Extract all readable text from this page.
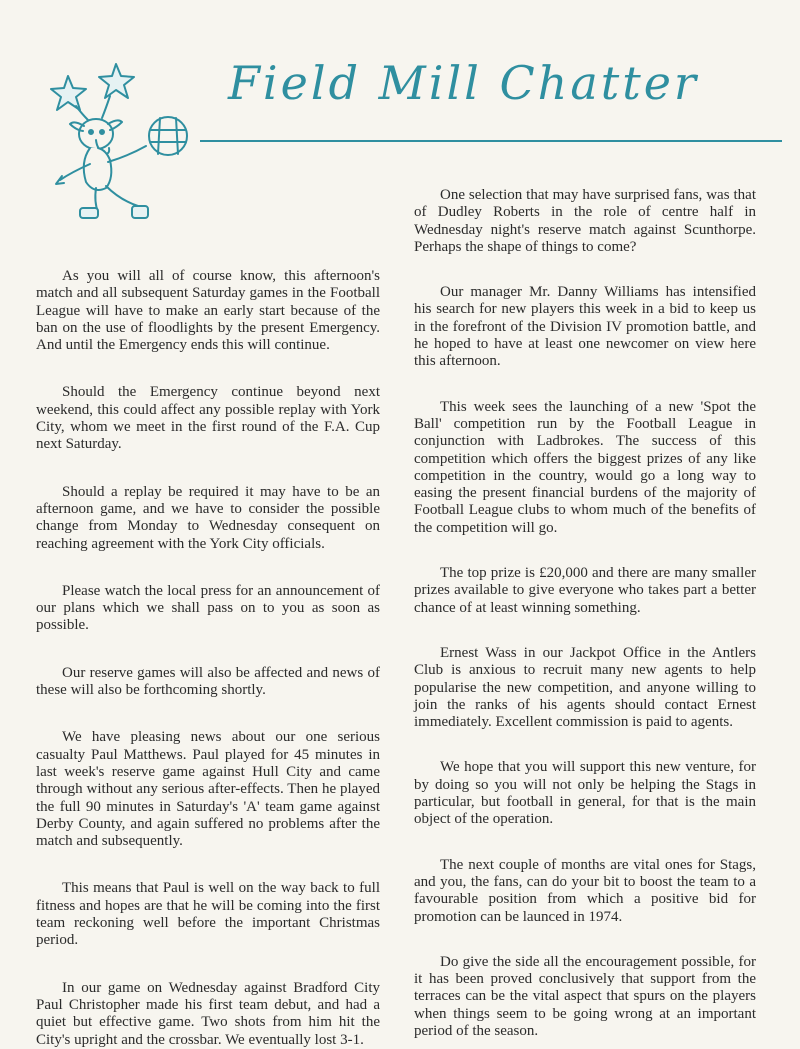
Field Mill Chatter

As you will all of course know, this afternoon's match and all subsequent Saturday games in the Football League will have to make an early start because of the ban on the use of floodlights by the present Emergency. And until the Emergency ends this will continue.

Should the Emergency continue beyond next weekend, this could affect any possible replay with York City, whom we meet in the first round of the F.A. Cup next Saturday.

Should a replay be required it may have to be an afternoon game, and we have to consider the possible change from Monday to Wednesday consequent on reaching agreement with the York City officials.

Please watch the local press for an announcement of our plans which we shall pass on to you as soon as possible.

Our reserve games will also be affected and news of these will also be forthcoming shortly.

We have pleasing news about our one serious casualty Paul Matthews. Paul played for 45 minutes in last week's reserve game against Hull City and came through without any serious after-effects. Then he played the full 90 minutes in Saturday's 'A' team game against Derby County, and again suffered no problems after the match and subsequently.

This means that Paul is well on the way back to full fitness and hopes are that he will be coming into the first team reckoning well before the important Christmas period.

In our game on Wednesday against Bradford City Paul Christopher made his first team debut, and had a quiet but effective game. Two shots from him hit the City's upright and the crossbar. We eventually lost 3-1.

One selection that may have surprised fans, was that of Dudley Roberts in the role of centre half in Wednesday night's reserve match against Scunthorpe. Perhaps the shape of things to come?

Our manager Mr. Danny Williams has intensified his search for new players this week in a bid to keep us in the forefront of the Division IV promotion battle, and he hoped to have at least one newcomer on view here this afternoon.

This week sees the launching of a new 'Spot the Ball' competition run by the Football League in conjunction with Ladbrokes. The success of this competition which offers the biggest prizes of any like competition in the country, would go a long way to easing the present financial burdens of the majority of Football League clubs to whom much of the benefits of the competition will go.

The top prize is £20,000 and there are many smaller prizes available to give everyone who takes part a better chance of at least winning something.

Ernest Wass in our Jackpot Office in the Antlers Club is anxious to recruit many new agents to help popularise the new competition, and anyone willing to join the ranks of his agents should contact Ernest immediately. Excellent commission is paid to agents.

We hope that you will support this new venture, for by doing so you will not only be helping the Stags in particular, but football in general, for that is the main object of the operation.

The next couple of months are vital ones for Stags, and you, the fans, can do your bit to boost the team to a favourable position from which a positive bid for promotion can be launced in 1974.

Do give the side all the encouragement possible, for it has been proved conclusively that support from the terraces can be the vital aspect that spurs on the players when things seem to be going wrong at an important period of the season.
